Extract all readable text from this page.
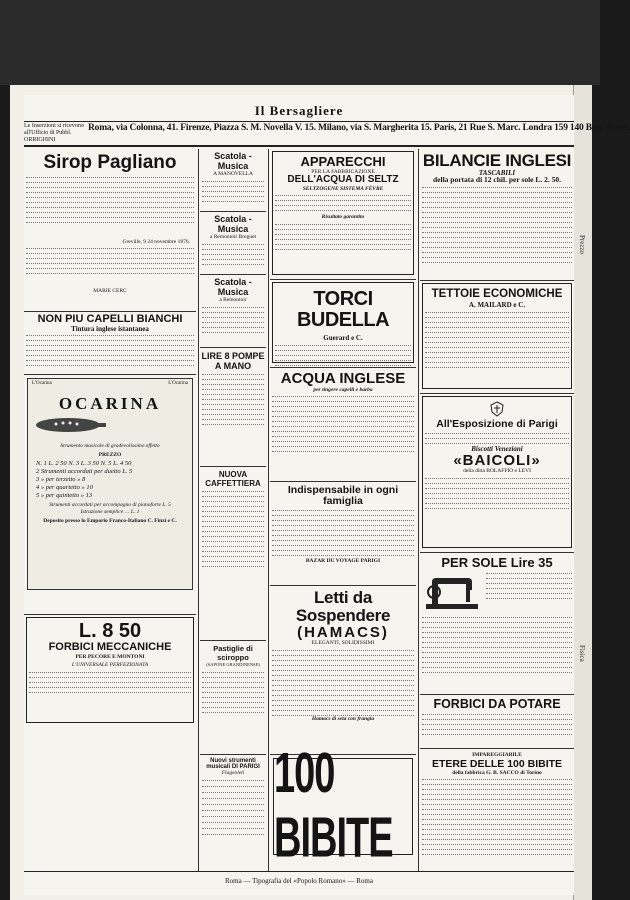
Prezzo
Fisica
Il Bersagliere
Le Inserzioni si ricevono all'Ufficio di Pubbl. ORRIGHINI Roma, via Colonna, 41. Firenze, Piazza S. M. Novella V. 15. Milano, via S. Margherita 15. Paris, 21 Rue S. Marc. Londra 159 140 Beet Street.
Sirop Pagliano
Greville, 9 24 novembre 1876.
MARIE CERC
NON PIU CAPELLI BIANCHI
Tintura inglese istantanea
L'Ocarina	L'Ocarina
OCARINA
Strumento musicale di gradevolissimo effetto
PREZZO
N. 1 L. 2 50 N. 3 L. 3 50 N. 5 L. 4 50
2 Strumenti accordati per duetto L. 5
3 » per terzetto » 8
4 » per quartetto » 10
5 » per quintetto » 13
Strumenti accordati per accompagno di pianoforte L. 5
Istruzione semplice … L. 1
Deposito presso lo Emporio Franco-Italiano C. Finzi e C.
L. 8 50
FORBICI MECCANICHE
PER PECORE E MONTONI
L'UNIVERSALE PERFEZIONATA
Scatola - Musica
A MANOVELLA
Scatola - Musica
a Remontoir Breguet
Scatola - Musica
a Remontoir
LIRE 8 POMPE A MANO
NUOVA CAFFETTIERA
Pastiglie di sciroppo
(SAPONE GRANDINENSE)
Nuovi strumenti musicali DI PARIGI
Flageoleti
APPARECCHI
PER LA FABBRICAZIONE
DELL'ACQUA DI SELTZ
SELTZOGENE SISTEMA FÈVRE
Risultato garantito
TORCI BUDELLA
Guerard e C.
ACQUA INGLESE
per tingere capelli e barba
Indispensabile in ogni famiglia
BAZAR DU VOYAGE PARIGI
Letti da Sospendere
(HAMACS)
ELEGANTI, SOLIDISSIMI
Hamacs di seta con frangia
100 BIBITE
BILANCIE INGLESI
TASCABILI
della portata di 12 chil. per sole L. 2. 50.
TETTOIE ECONOMICHE
A. MAILARD e C.
All'Esposizione di Parigi
Biscotti Veneziani
«BAICOLI»
della ditta BOLAFFIO e LEVI
PER SOLE Lire 35
FORBICI DA POTARE
IMPAREGGIABILE
ETERE DELLE 100 BIBITE
della fabbrica G. B. SACCO di Torino
Roma — Tipografia del «Popolo Romano» — Roma
